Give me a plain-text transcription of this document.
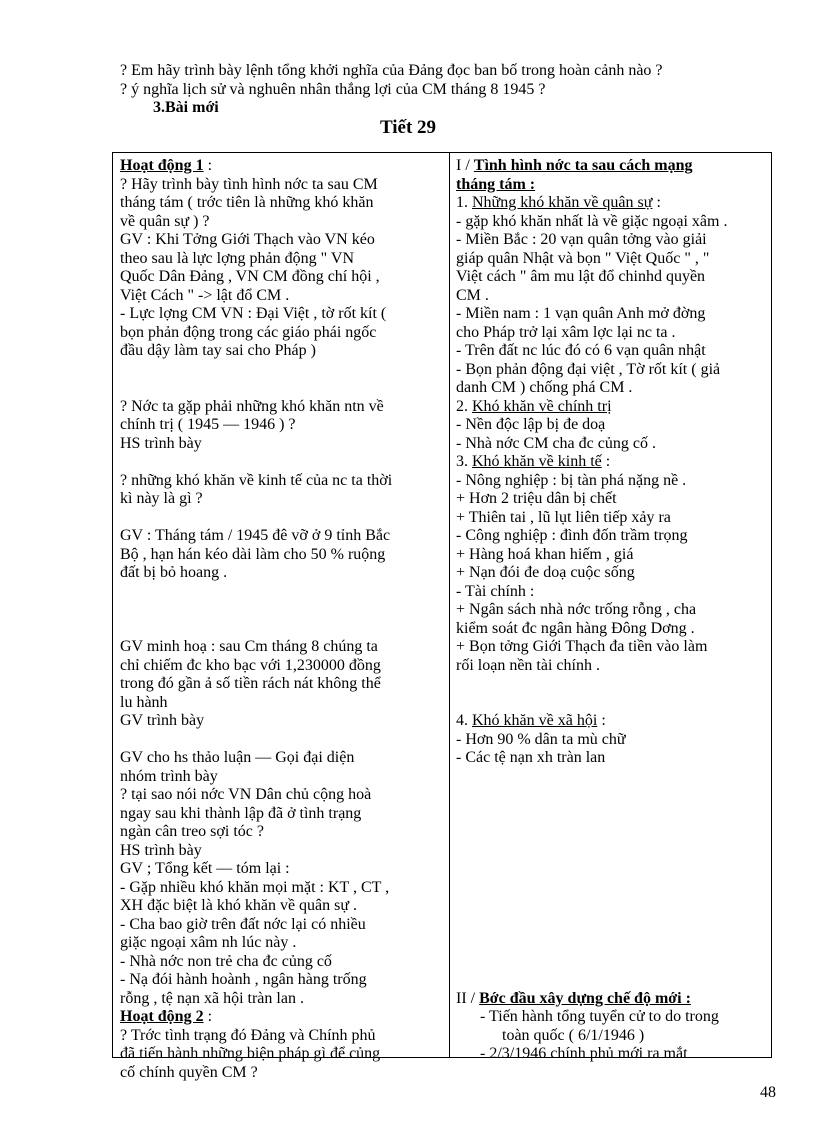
? Em hãy trình bày lệnh tổng khởi nghĩa của Đảng đọc ban bố trong hoàn cảnh nào ?

? ý nghĩa lịch sử và nghuên nhân thắng lợi của CM tháng 8 1945 ?

3.Bài mới

Tiết 29

Hoạt động 1 :

? Hãy trình bày tình hình nớc ta sau CM

tháng tám ( trớc tiên là những khó khăn

về quân sự ) ?

GV : Khi Tởng Giới Thạch vào VN kéo

theo sau là lực lợng phản động " VN

Quốc Dân Đảng , VN CM đồng chí hội ,

Việt Cách " -> lật đổ CM .

- Lực lợng CM VN : Đại Việt , tờ rốt kít (

bọn phản động trong các giáo phái ngốc

đầu dậy làm tay sai cho Pháp )

? Nớc ta gặp phải những khó khăn ntn về

chính trị ( 1945 — 1946 ) ?

HS trình bày

? những khó khăn về kinh tế của nc ta thời

kì này là gì ?

GV : Tháng tám / 1945 đê vỡ ở 9 tỉnh Bắc

Bộ , hạn hán kéo dài làm cho 50 % ruộng

đất bị bỏ hoang .

GV minh hoạ : sau Cm tháng 8 chúng ta

chỉ chiếm đc kho bạc với 1,230000 đồng

trong đó gần ả số tiền rách nát không thể

lu hành

GV trình bày

GV cho hs thảo luận — Gọi đại diện

nhóm trình bày

? tại sao nói nớc VN Dân chủ cộng hoà

ngay sau khi thành lập đã ở tình trạng

ngàn cân treo sợi tóc ?

HS trình bày

GV ; Tổng kết — tóm lại :

- Gặp nhiều khó khăn mọi mặt : KT , CT ,

XH đặc biệt là khó khăn về quân sự .

- Cha bao giờ trên đất nớc lại có nhiều

giặc ngoại xâm nh lúc này .

- Nhà nớc non trẻ cha đc củng cố

- Nạ đói hành hoành , ngân hàng trống

rỗng , tệ nạn xã hội tràn lan .

Hoạt động 2 :

? Trớc tình trạng đó Đảng và Chính phủ

đã tiến hành những biện pháp gì để củng

cố chính quyền CM ?

I / Tình hình nớc ta sau cách mạng

tháng tám :

1. Những khó khăn về quân sự :

- gặp khó khăn nhất là về giặc ngoại xâm .

- Miền Bắc : 20 vạn quân tởng vào giải

giáp quân Nhật và bọn " Việt Quốc " , "

Việt cách " âm mu lật đổ chinhd quyền

CM .

- Miền nam : 1 vạn quân Anh mở đờng

cho Pháp trở lại xâm lợc lại nc ta .

- Trên đất nc lúc đó có 6 vạn quân nhật

- Bọn phản động đại việt , Tờ rốt kít ( giả

danh CM ) chống phá CM .

2. Khó khăn về chính trị

- Nền độc lập bị đe doạ

- Nhà nớc CM cha đc củng cố .

3. Khó khăn về kinh tế :

- Nông nghiệp : bị tàn phá nặng nề .

+ Hơn 2 triệu dân bị chết

+ Thiên tai , lũ lụt liên tiếp xảy ra

- Công nghiệp : đình đốn trầm trọng

+ Hàng hoá khan hiếm , giá

+ Nạn đói đe doạ cuộc sống

- Tài chính :

+ Ngân sách nhà nớc trống rỗng , cha

kiểm soát đc ngân hàng Đông Dơng .

+ Bọn tởng Giới Thạch đa tiền vào làm

rối loạn nền tài chính .

4. Khó khăn về xã hội :

- Hơn 90 % dân ta mù chữ

- Các tệ nạn xh tràn lan

II / Bớc đầu xây dựng chế độ mới :

- Tiến hành tổng tuyển cử to do trong

toàn quốc ( 6/1/1946 )

- 2/3/1946 chính phủ mới ra mắt

48
